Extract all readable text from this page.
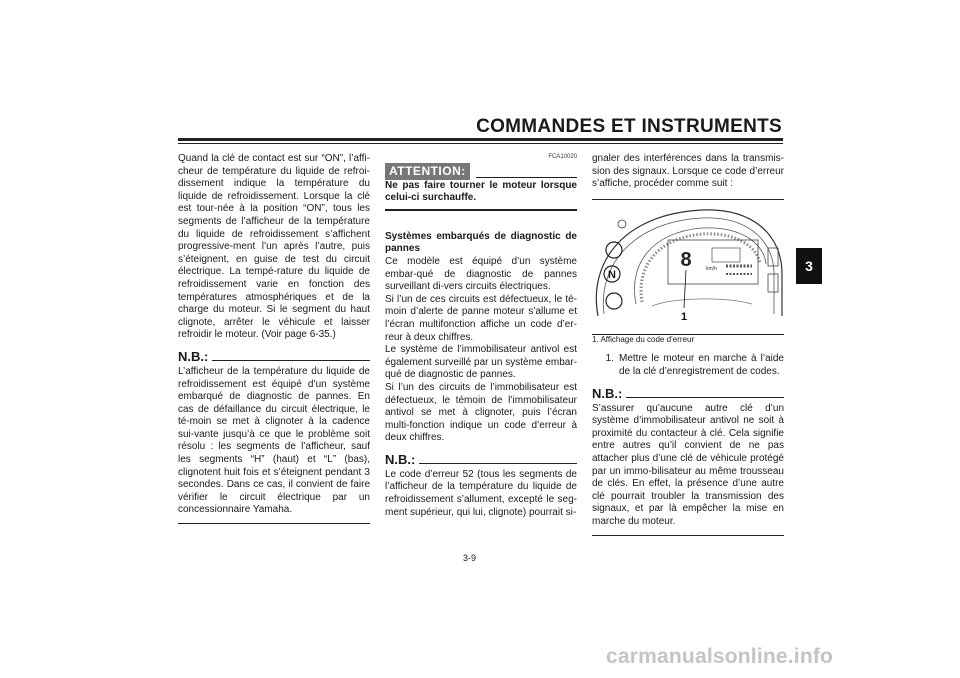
COMMANDES ET INSTRUMENTS
3

Quand la clé de contact est sur “ON”, l’affi-cheur de température du liquide de refroi-dissement indique la température du liquide de refroidissement. Lorsque la clé est tour-née à la position “ON”, tous les segments de l’afficheur de la température du liquide de refroidissement s’affichent progressive-ment l’un après l’autre, puis s’éteignent, en guise de test du circuit électrique. La tempé-rature du liquide de refroidissement varie en fonction des températures atmosphériques et de la charge du moteur. Si le segment du haut clignote, arrêter le véhicule et laisser refroidir le moteur. (Voir page 6-35.)

N.B.:

L’afficheur de la température du liquide de refroidissement est équipé d’un système embarqué de diagnostic de pannes. En cas de défaillance du circuit électrique, le té-moin se met à clignoter à la cadence sui-vante jusqu’à ce que le problème soit résolu : les segments de l’afficheur, sauf les segments “H” (haut) et “L” (bas), clignotent huit fois et s’éteignent pendant 3 secondes. Dans ce cas, il convient de faire vérifier le circuit électrique par un concessionnaire Yamaha.

FCA10020
ATTENTION:

Ne pas faire tourner le moteur lorsque celui-ci surchauffe.

Systèmes embarqués de diagnostic de pannes

Ce modèle est équipé d’un système embar-qué de diagnostic de pannes surveillant di-vers circuits électriques.

Si l’un de ces circuits est défectueux, le té-moin d’alerte de panne moteur s’allume et l’écran multifonction affiche un code d’er-reur à deux chiffres.

Le système de l’immobilisateur antivol est également surveillé par un système embar-qué de diagnostic de pannes.

Si l’un des circuits de l’immobilisateur est défectueux, le témoin de l’immobilisateur antivol se met à clignoter, puis l’écran multi-fonction indique un code d’erreur à deux chiffres.

N.B.:

Le code d’erreur 52 (tous les segments de l’afficheur de la température du liquide de refroidissement s’allument, excepté le seg-ment supérieur, qui lui, clignote) pourrait si-

gnaler des interférences dans la transmis-sion des signaux. Lorsque ce code d’erreur s’affiche, procéder comme suit :

N
8	km/h
1

1. Affichage du code d’erreur

1. Mettre le moteur en marche à l’aide de la clé d’enregistrement de codes.
N.B.:

S’assurer qu’aucune autre clé d’un système d’immobilisateur antivol ne soit à proximité du contacteur à clé. Cela signifie entre autres qu’il convient de ne pas attacher plus d’une clé de véhicule protégé par un immo-bilisateur au même trousseau de clés. En effet, la présence d’une autre clé pourrait troubler la transmission des signaux, et par là empêcher la mise en marche du moteur.

3-9
carmanualsonline.info
